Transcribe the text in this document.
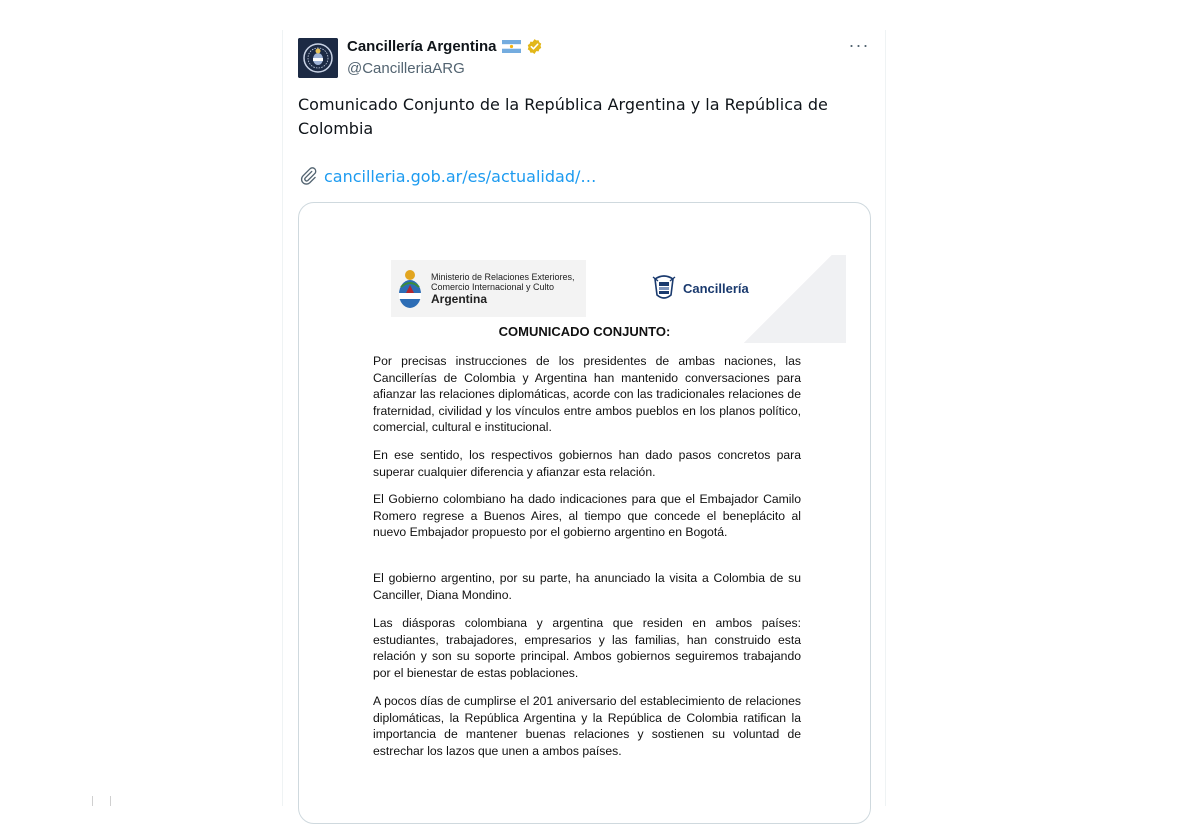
Cancillería Argentina
@CancilleriaARG
···
Comunicado Conjunto de la República Argentina y la República de Colombia
cancilleria.gob.ar/es/actualidad/…
Ministerio de Relaciones Exteriores,
Comercio Internacional y Culto
Argentina
Cancillería
COMUNICADO CONJUNTO:
Por precisas instrucciones de los presidentes de ambas naciones, las Cancillerías de Colombia y Argentina han mantenido conversaciones para afianzar las relaciones diplomáticas, acorde con las tradicionales relaciones de fraternidad, civilidad y los vínculos entre ambos pueblos en los planos político, comercial, cultural e institucional.
En ese sentido, los respectivos gobiernos han dado pasos concretos para superar cualquier diferencia y afianzar esta relación.
El Gobierno colombiano ha dado indicaciones para que el Embajador Camilo Romero regrese a Buenos Aires, al tiempo que concede el beneplácito al nuevo Embajador propuesto por el gobierno argentino en Bogotá.
El gobierno argentino, por su parte, ha anunciado la visita a Colombia de su Canciller, Diana Mondino.
Las diásporas colombiana y argentina que residen en ambos países: estudiantes, trabajadores, empresarios y las familias, han construido esta relación y son su soporte principal. Ambos gobiernos seguiremos trabajando por el bienestar de estas poblaciones.
A pocos días de cumplirse el 201 aniversario del establecimiento de relaciones diplomáticas, la República Argentina y la República de Colombia ratifican la importancia de mantener buenas relaciones y sostienen su voluntad de estrechar los lazos que unen a ambos países.
